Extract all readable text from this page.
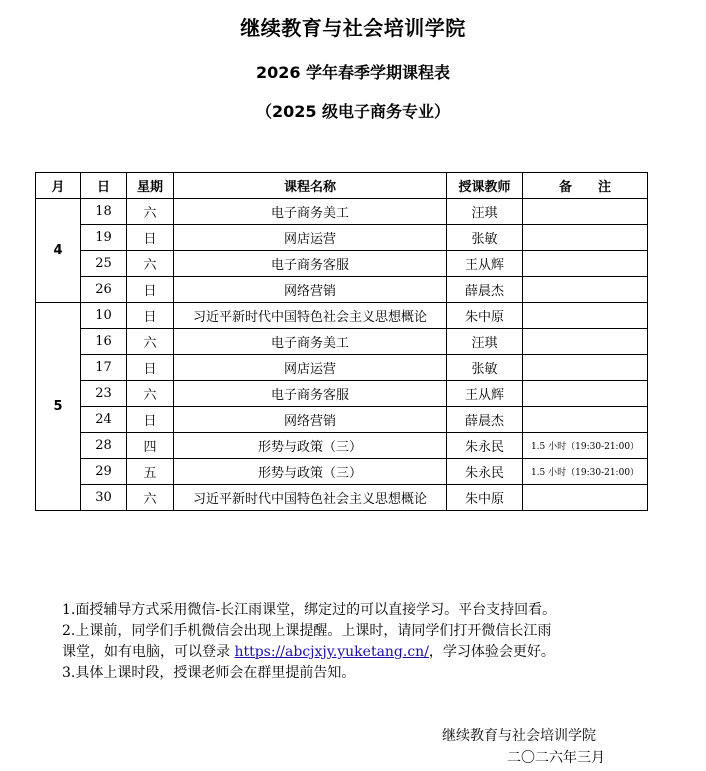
继续教育与社会培训学院
2026 学年春季学期课程表
（2025 级电子商务专业）
月	日	星期	课程名称	授课教师	备　　注
4	18	六	电子商务美工	汪琪	
	19	日	网店运营	张敏	
	25	六	电子商务客服	王从辉	
	26	日	网络营销	薛晨杰	
5	10	日	习近平新时代中国特色社会主义思想概论	朱中原	
	16	六	电子商务美工	汪琪	
	17	日	网店运营	张敏	
	23	六	电子商务客服	王从辉	
	24	日	网络营销	薛晨杰	
	28	四	形势与政策（三）	朱永民	1.5 小时（19:30-21:00）
	29	五	形势与政策（三）	朱永民	1.5 小时（19:30-21:00）
	30	六	习近平新时代中国特色社会主义思想概论	朱中原	

1.面授辅导方式采用微信-长江雨课堂，绑定过的可以直接学习。平台支持回看。

2.上课前，同学们手机微信会出现上课提醒。上课时，请同学们打开微信长江雨

课堂，如有电脑，可以登录 https://abcjxjy.yuketang.cn/，学习体验会更好。

3.具体上课时段，授课老师会在群里提前告知。

继续教育与社会培训学院
二〇二六年三月
